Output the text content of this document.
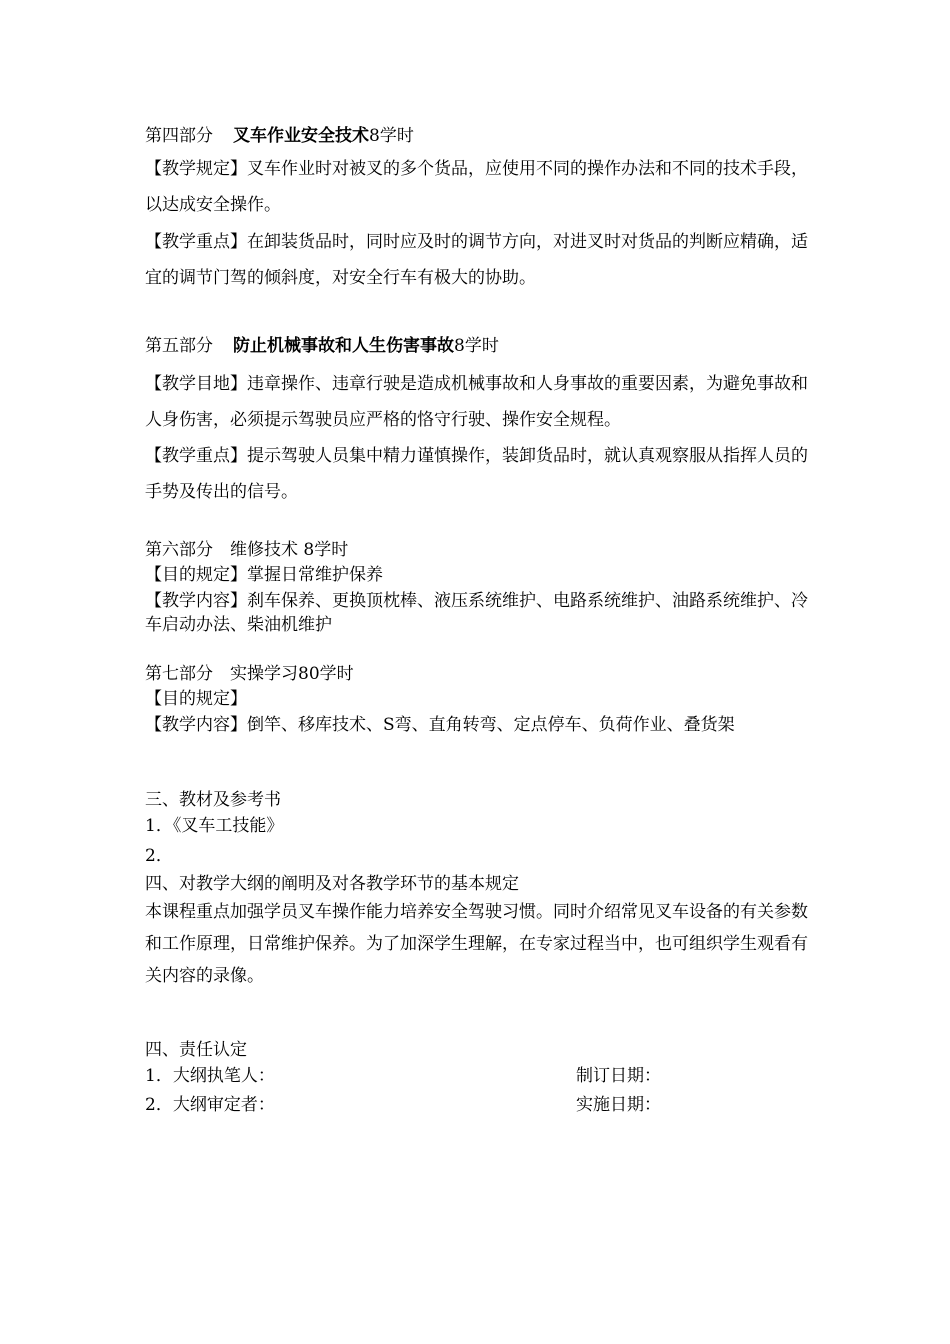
第四部分 叉车作业安全技术8学时
【教学规定】叉车作业时对被叉的多个货品，应使用不同的操作办法和不同的技术手段，以达成安全操作。
【教学重点】在卸装货品时，同时应及时的调节方向，对进叉时对货品的判断应精确，适宜的调节门驾的倾斜度，对安全行车有极大的协助。
第五部分 防止机械事故和人生伤害事故8学时
【教学目地】违章操作、违章行驶是造成机械事故和人身事故的重要因素，为避免事故和人身伤害，必须提示驾驶员应严格的恪守行驶、操作安全规程。
【教学重点】提示驾驶人员集中精力谨慎操作，装卸货品时，就认真观察服从指挥人员的手势及传出的信号。
第六部分　维修技术 8学时
【目的规定】掌握日常维护保养
【教学内容】刹车保养、更换顶枕棒、液压系统维护、电路系统维护、油路系统维护、冷车启动办法、柴油机维护
第七部分　实操学习80学时
【目的规定】
【教学内容】倒竿、移库技术、S弯、直角转弯、定点停车、负荷作业、叠货架
三、教材及参考书
1．《叉车工技能》
2．
四、对教学大纲的阐明及对各教学环节的基本规定
本课程重点加强学员叉车操作能力培养安全驾驶习惯。同时介绍常见叉车设备的有关参数和工作原理，日常维护保养。为了加深学生理解，在专家过程当中，也可组织学生观看有关内容的录像。
四、责任认定
1．大纲执笔人：	制订日期：
2．大纲审定者：	实施日期：
